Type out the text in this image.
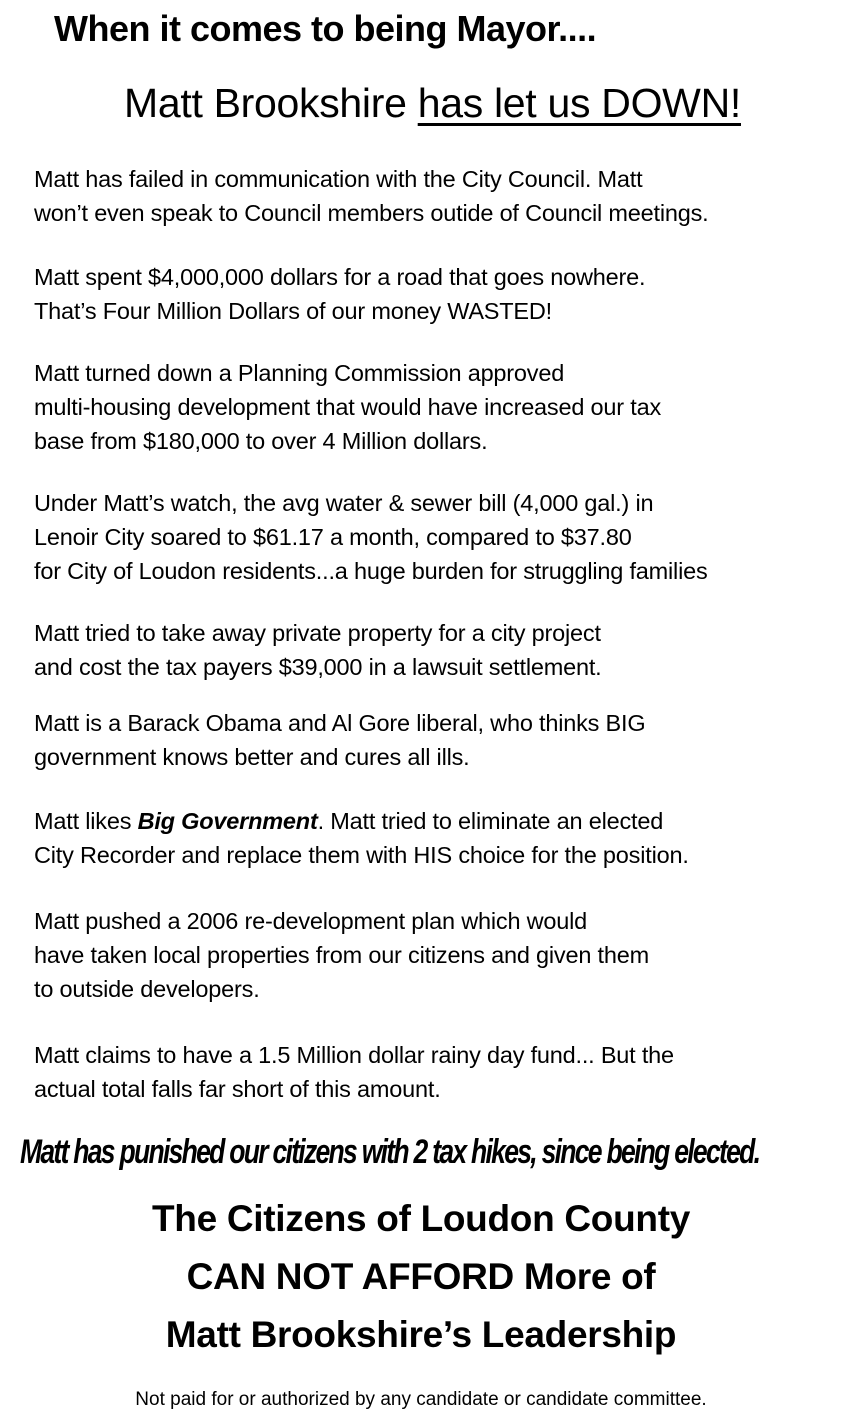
When it comes to being Mayor....
Matt Brookshire has let us DOWN!
Matt has failed in communication with the City Council. Matt
won’t even speak to Council members outide of Council meetings.
Matt spent $4,000,000 dollars for a road that goes nowhere.
That’s Four Million Dollars of our money WASTED!
Matt turned down a Planning Commission approved
multi-housing development that would have increased our tax
base from $180,000 to over 4 Million dollars.
Under Matt’s watch, the avg water & sewer bill (4,000 gal.) in
Lenoir City soared to $61.17 a month, compared to $37.80
for City of Loudon residents...a huge burden for struggling families
Matt tried to take away private property for a city project
and cost the tax payers $39,000 in a lawsuit settlement.
Matt is a Barack Obama and Al Gore liberal, who thinks BIG
government knows better and cures all ills.
Matt likes Big Government. Matt tried to eliminate an elected
City Recorder and replace them with HIS choice for the position.
Matt pushed a 2006 re-development plan which would
have taken local properties from our citizens and given them
to outside developers.
Matt claims to have a 1.5 Million dollar rainy day fund... But the
actual total falls far short of this amount.
Matt has punished our citizens with 2 tax hikes, since being elected.
The Citizens of Loudon County
CAN NOT AFFORD More of
Matt Brookshire’s Leadership
Not paid for or authorized by any candidate or candidate committee.
